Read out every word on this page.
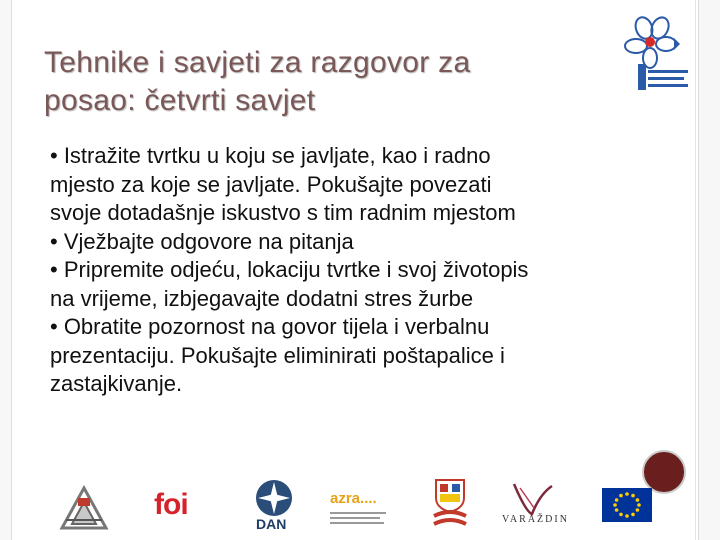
Tehnike i savjeti za razgovor za
posao: četvrti savjet
• Istražite tvrtku u koju se javljate, kao i radno
mjesto za koje se javljate. Pokušajte povezati
svoje dotadašnje iskustvo s tim radnim mjestom
• Vježbajte odgovore na pitanja
• Pripremite odjeću, lokaciju tvrtke i svoj životopis
na vrijeme, izbjegavajte dodatni stres žurbe
• Obratite pozornost na govor tijela i verbalnu
prezentaciju. Pokušajte eliminirati poštapalice i
zastajkivanje.
foi
DAN
azra....
VARAŽDIN
